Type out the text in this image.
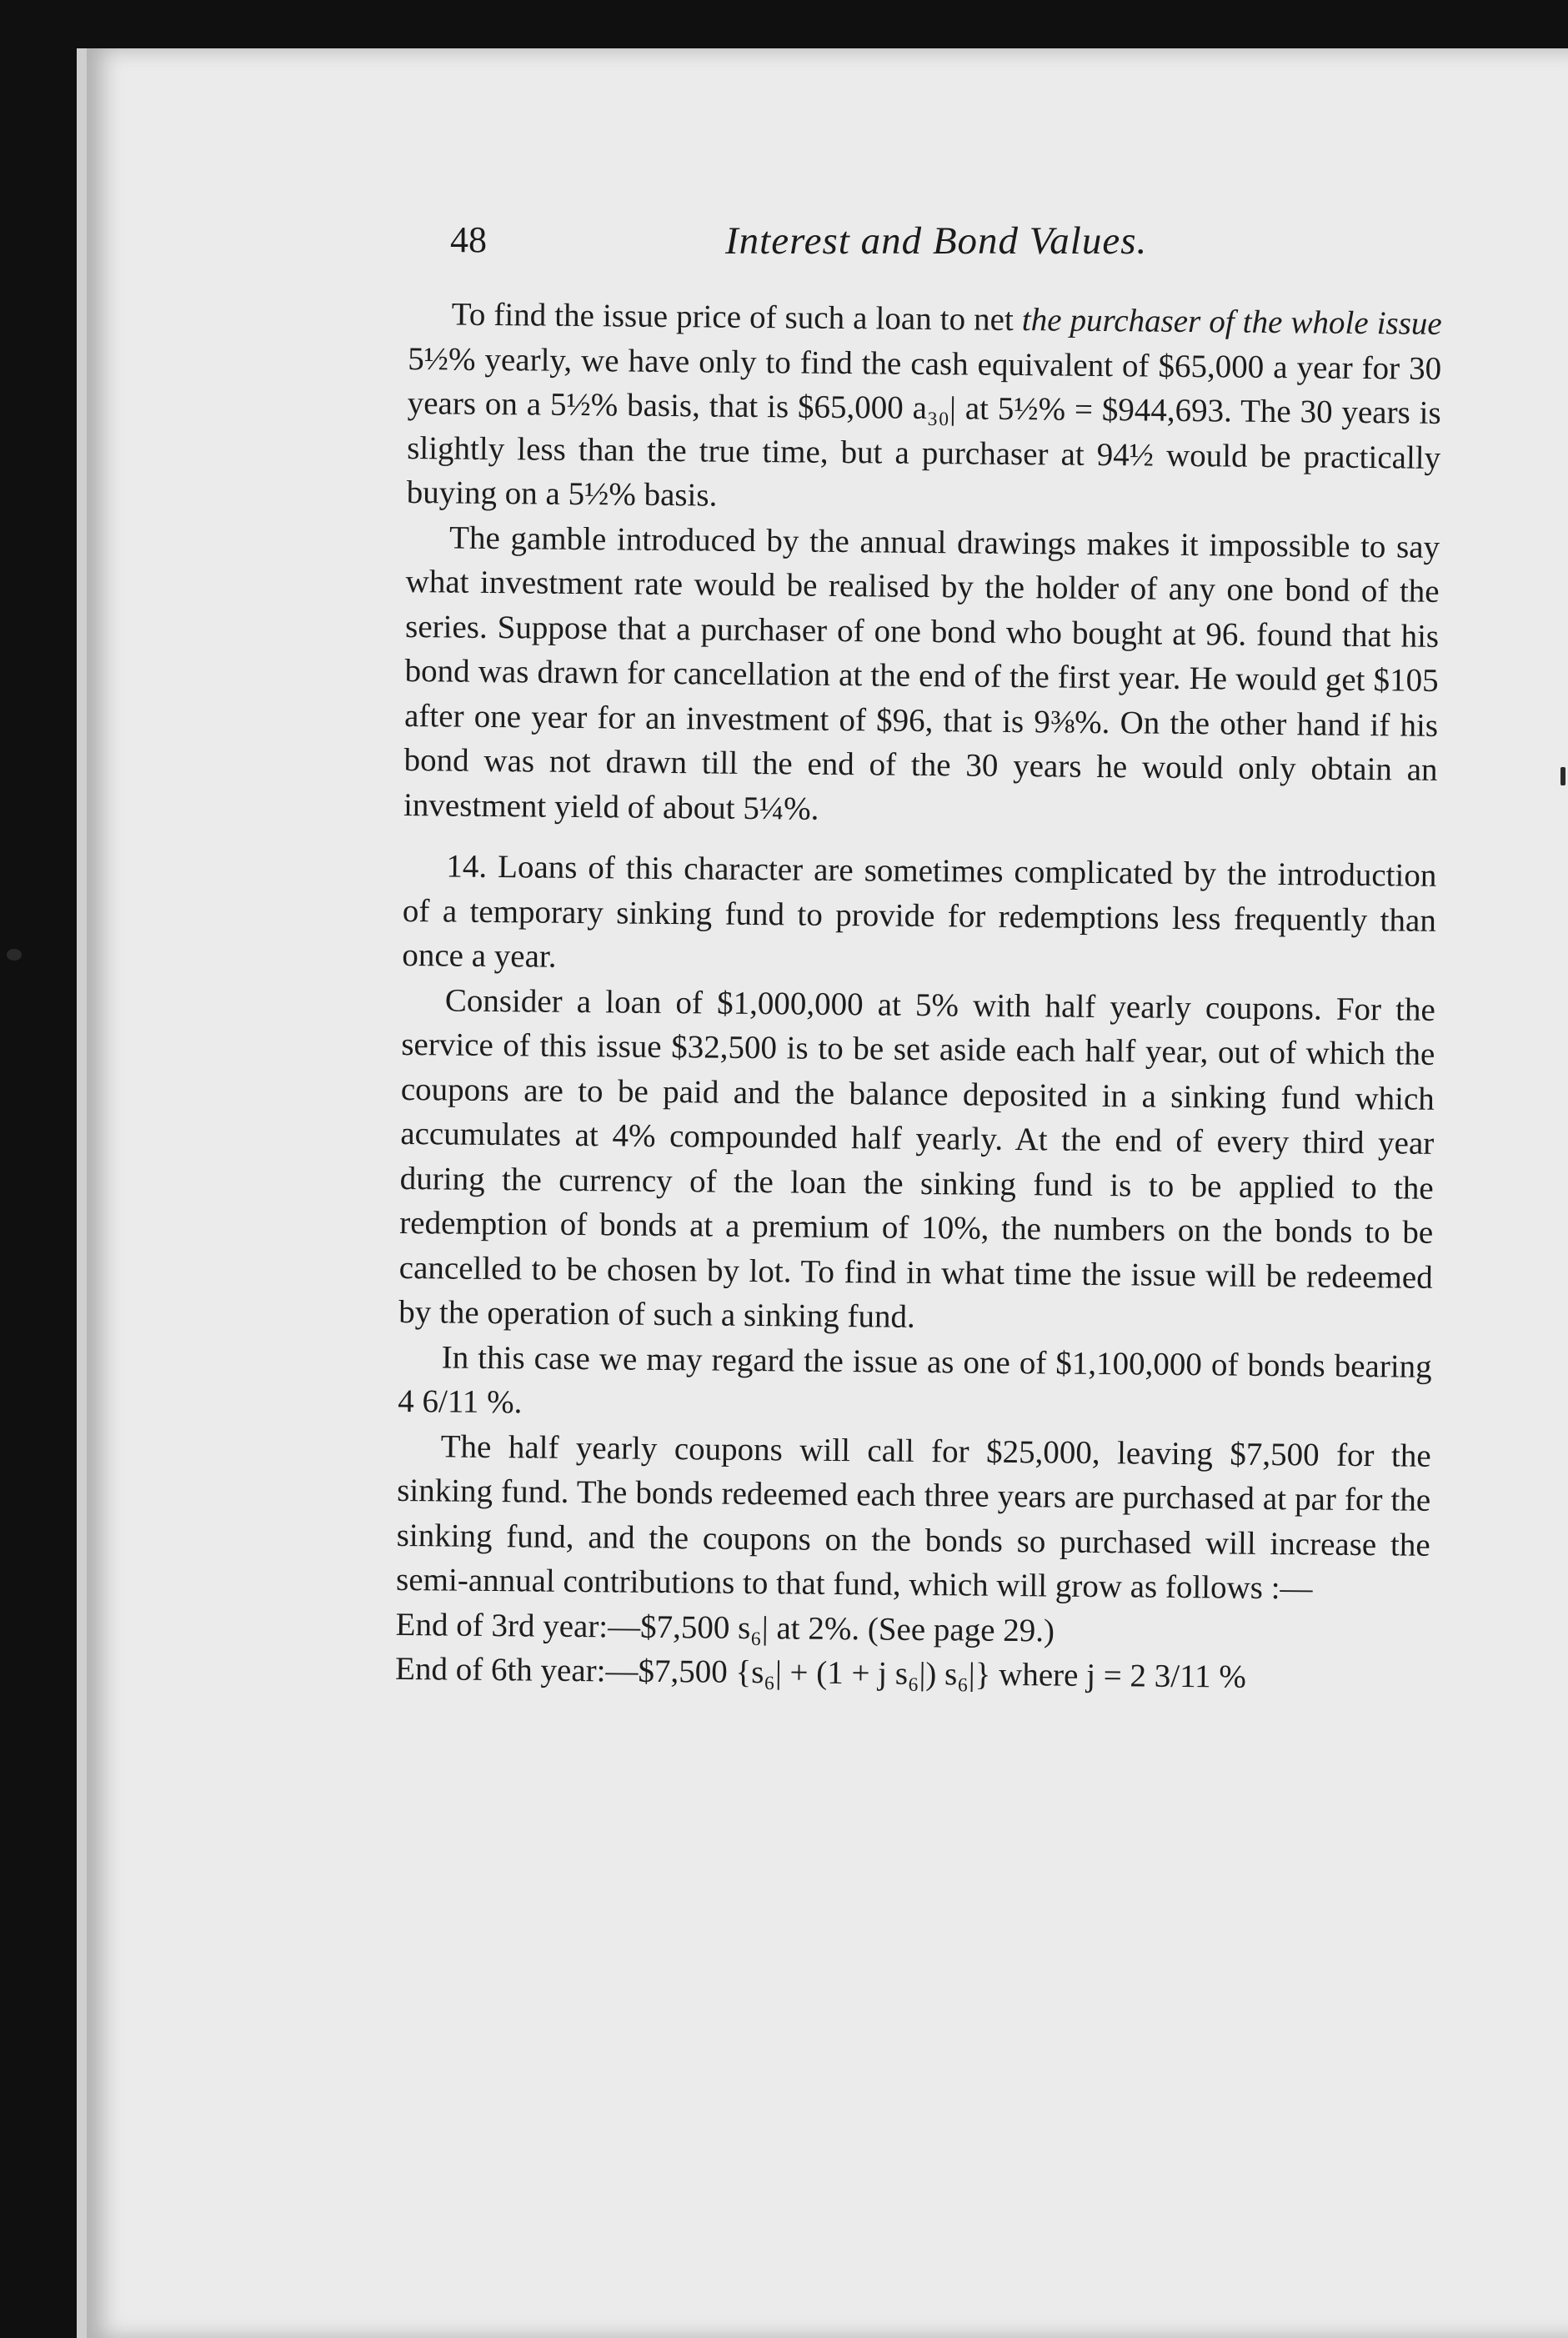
48	Interest and Bond Values.

To find the issue price of such a loan to net the purchaser of the whole issue 5½% yearly, we have only to find the cash equivalent of $65,000 a year for 30 years on a 5½% basis, that is $65,000 a₃₀| at 5½% = $944,693. The 30 years is slightly less than the true time, but a purchaser at 94½ would be practically buying on a 5½% basis.

The gamble introduced by the annual drawings makes it impossible to say what investment rate would be realised by the holder of any one bond of the series. Suppose that a purchaser of one bond who bought at 96. found that his bond was drawn for cancellation at the end of the first year. He would get $105 after one year for an investment of $96, that is 9⅜%. On the other hand if his bond was not drawn till the end of the 30 years he would only obtain an investment yield of about 5¼%.

14. Loans of this character are sometimes complicated by the introduction of a temporary sinking fund to provide for redemptions less frequently than once a year.

Consider a loan of $1,000,000 at 5% with half yearly coupons. For the service of this issue $32,500 is to be set aside each half year, out of which the coupons are to be paid and the balance deposited in a sinking fund which accumulates at 4% compounded half yearly. At the end of every third year during the currency of the loan the sinking fund is to be applied to the redemption of bonds at a premium of 10%, the numbers on the bonds to be cancelled to be chosen by lot. To find in what time the issue will be redeemed by the operation of such a sinking fund.

In this case we may regard the issue as one of $1,100,000 of bonds bearing 4 6/11 %.

The half yearly coupons will call for $25,000, leaving $7,500 for the sinking fund. The bonds redeemed each three years are purchased at par for the sinking fund, and the coupons on the bonds so purchased will increase the semi-annual contributions to that fund, which will grow as follows :—

End of 3rd year:—$7,500 s₆| at 2%. (See page 29.)

End of 6th year:—$7,500 {s₆| + (1 + j s₆|) s₆|} where j = 2 3/11 %
